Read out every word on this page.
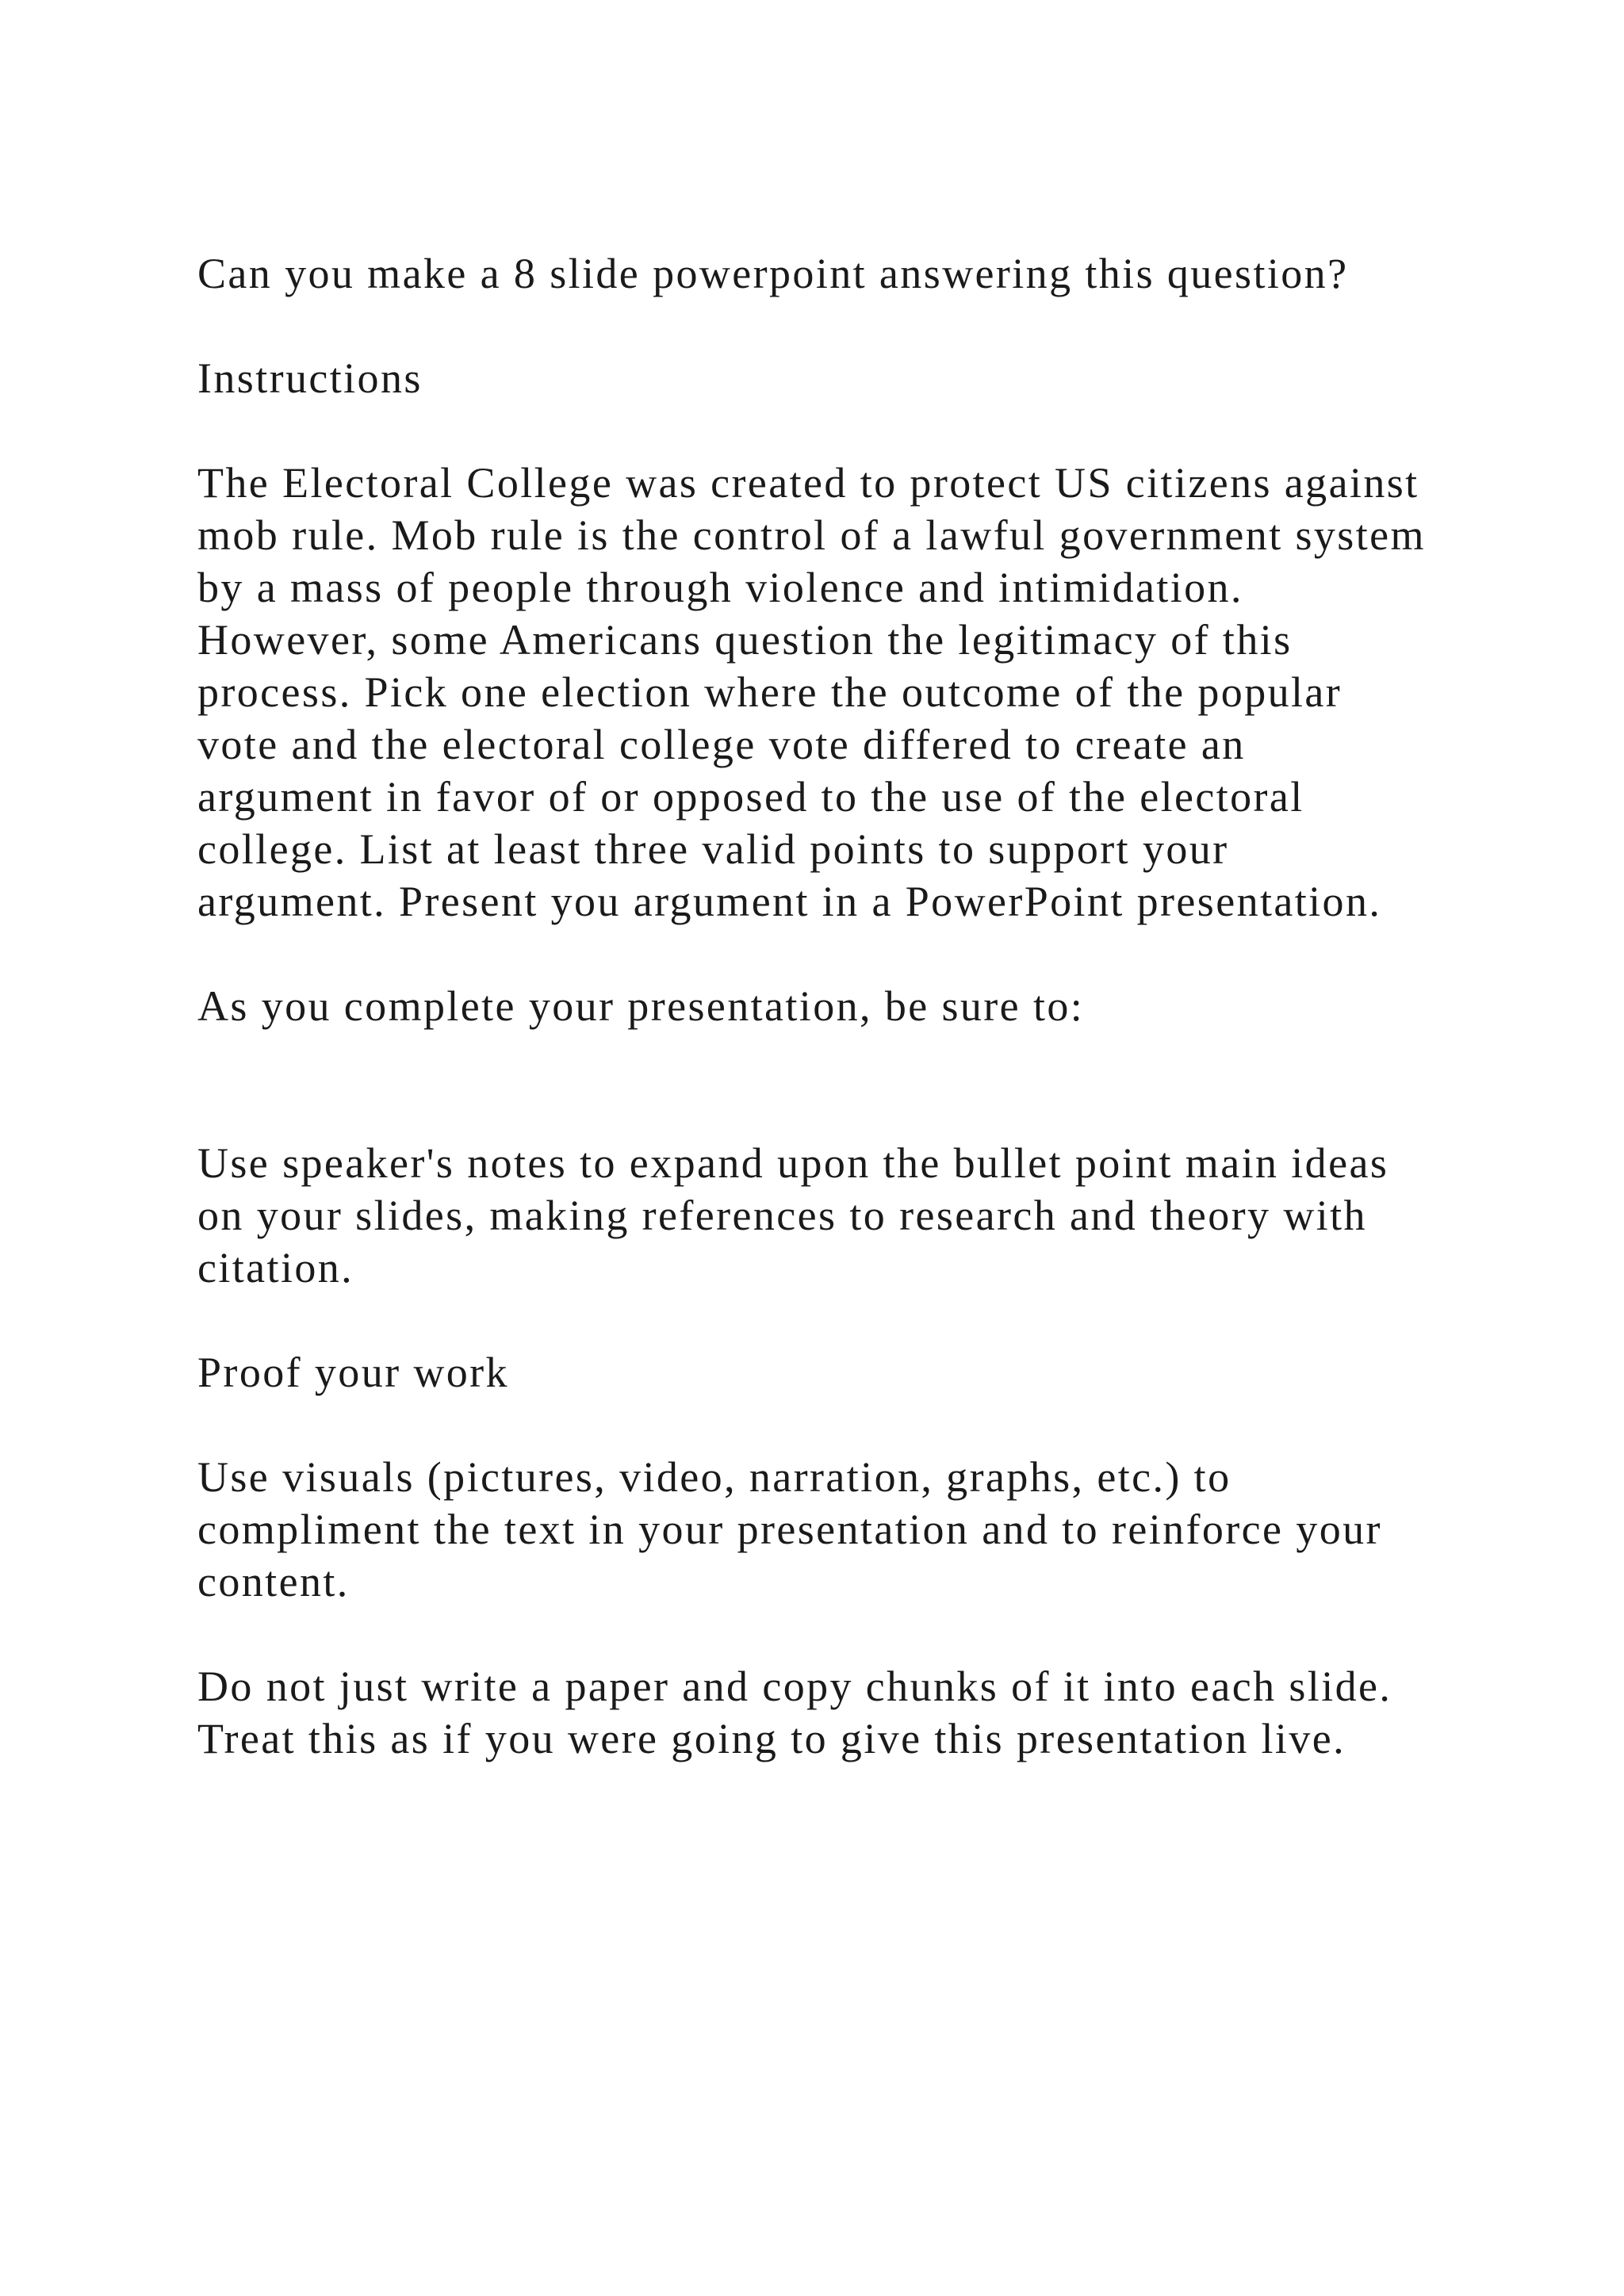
Can you make a 8 slide powerpoint answering this question?

Instructions

The Electoral College was created to protect US citizens against
mob rule. Mob rule is the control of a lawful government system
by a mass of people through violence and intimidation.
However, some Americans question the legitimacy of this
process. Pick one election where the outcome of the popular
vote and the electoral college vote differed to create an
argument in favor of or opposed to the use of the electoral
college. List at least three valid points to support your
argument. Present you argument in a PowerPoint presentation.

As you complete your presentation, be sure to:

Use speaker's notes to expand upon the bullet point main ideas
on your slides, making references to research and theory with
citation.

Proof your work

Use visuals (pictures, video, narration, graphs, etc.) to
compliment the text in your presentation and to reinforce your
content.
Do not just write a paper and copy chunks of it into each slide.
Treat this as if you were going to give this presentation live.
